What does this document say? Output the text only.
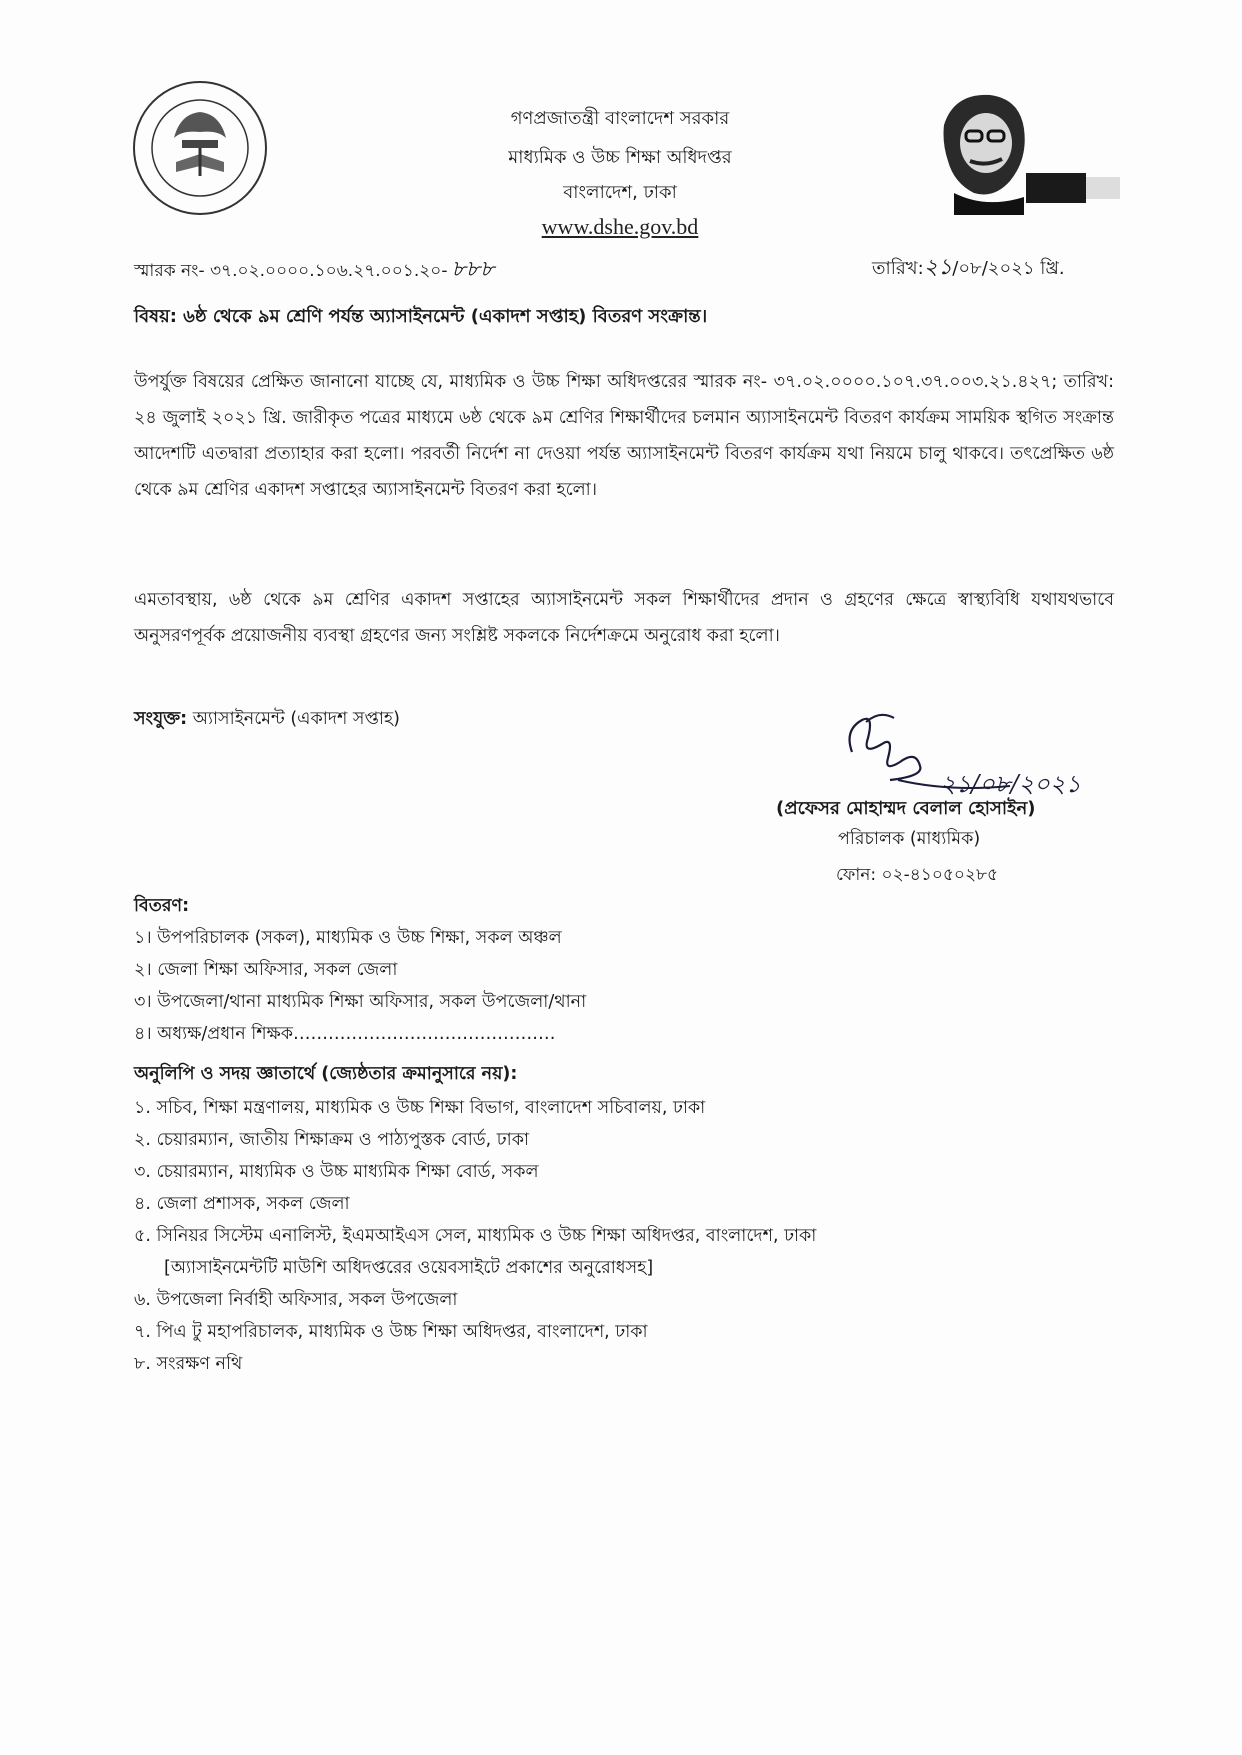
গণপ্রজাতন্ত্রী বাংলাদেশ সরকার
মাধ্যমিক ও উচ্চ শিক্ষা অধিদপ্তর
বাংলাদেশ, ঢাকা
www.dshe.gov.bd
স্মারক নং- ৩৭.০২.০০০০.১০৬.২৭.০০১.২০- ৮৮৮	তারিখ:২১/০৮/২০২১ খ্রি.
বিষয়: ৬ষ্ঠ থেকে ৯ম শ্রেণি পর্যন্ত অ্যাসাইনমেন্ট (একাদশ সপ্তাহ) বিতরণ সংক্রান্ত।
উপর্যুক্ত বিষয়ের প্রেক্ষিত জানানো যাচ্ছে যে, মাধ্যমিক ও উচ্চ শিক্ষা অধিদপ্তরের স্মারক নং- ৩৭.০২.০০০০.১০৭.৩৭.০০৩.২১.৪২৭; তারিখ: ২৪ জুলাই ২০২১ খ্রি. জারীকৃত পত্রের মাধ্যমে ৬ষ্ঠ থেকে ৯ম শ্রেণির শিক্ষার্থীদের চলমান অ্যাসাইনমেন্ট বিতরণ কার্যক্রম সাময়িক স্থগিত সংক্রান্ত আদেশটি এতদ্বারা প্রত্যাহার করা হলো। পরবর্তী নির্দেশ না দেওয়া পর্যন্ত অ্যাসাইনমেন্ট বিতরণ কার্যক্রম যথা নিয়মে চালু থাকবে। তৎপ্রেক্ষিত ৬ষ্ঠ থেকে ৯ম শ্রেণির একাদশ সপ্তাহের অ্যাসাইনমেন্ট বিতরণ করা হলো।
এমতাবস্থায়, ৬ষ্ঠ থেকে ৯ম শ্রেণির একাদশ সপ্তাহের অ্যাসাইনমেন্ট সকল শিক্ষার্থীদের প্রদান ও গ্রহণের ক্ষেত্রে স্বাস্থ্যবিধি যথাযথভাবে অনুসরণপূর্বক প্রয়োজনীয় ব্যবস্থা গ্রহণের জন্য সংশ্লিষ্ট সকলকে নির্দেশক্রমে অনুরোধ করা হলো।
সংযুক্ত: অ্যাসাইনমেন্ট (একাদশ সপ্তাহ)
২১/০৮/২০২১
(প্রফেসর মোহাম্মদ বেলাল হোসাইন)
পরিচালক (মাধ্যমিক)
ফোন: ০২-৪১০৫০২৮৫
বিতরণ:
১। উপপরিচালক (সকল), মাধ্যমিক ও উচ্চ শিক্ষা, সকল অঞ্চল
২। জেলা শিক্ষা অফিসার, সকল জেলা
৩। উপজেলা/থানা মাধ্যমিক শিক্ষা অফিসার, সকল উপজেলা/থানা
৪। অধ্যক্ষ/প্রধান শিক্ষক………………………………………
অনুলিপি ও সদয় জ্ঞাতার্থে (জ্যেষ্ঠতার ক্রমানুসারে নয়):
১. সচিব, শিক্ষা মন্ত্রণালয়, মাধ্যমিক ও উচ্চ শিক্ষা বিভাগ, বাংলাদেশ সচিবালয়, ঢাকা
২. চেয়ারম্যান, জাতীয় শিক্ষাক্রম ও পাঠ্যপুস্তক বোর্ড, ঢাকা
৩. চেয়ারম্যান, মাধ্যমিক ও উচ্চ মাধ্যমিক শিক্ষা বোর্ড, সকল
৪. জেলা প্রশাসক, সকল জেলা
৫. সিনিয়র সিস্টেম এনালিস্ট, ইএমআইএস সেল, মাধ্যমিক ও উচ্চ শিক্ষা অধিদপ্তর, বাংলাদেশ, ঢাকা
[অ্যাসাইনমেন্টটি মাউশি অধিদপ্তরের ওয়েবসাইটে প্রকাশের অনুরোধসহ]
৬. উপজেলা নির্বাহী অফিসার, সকল উপজেলা
৭. পিএ টু মহাপরিচালক, মাধ্যমিক ও উচ্চ শিক্ষা অধিদপ্তর, বাংলাদেশ, ঢাকা
৮. সংরক্ষণ নথি
